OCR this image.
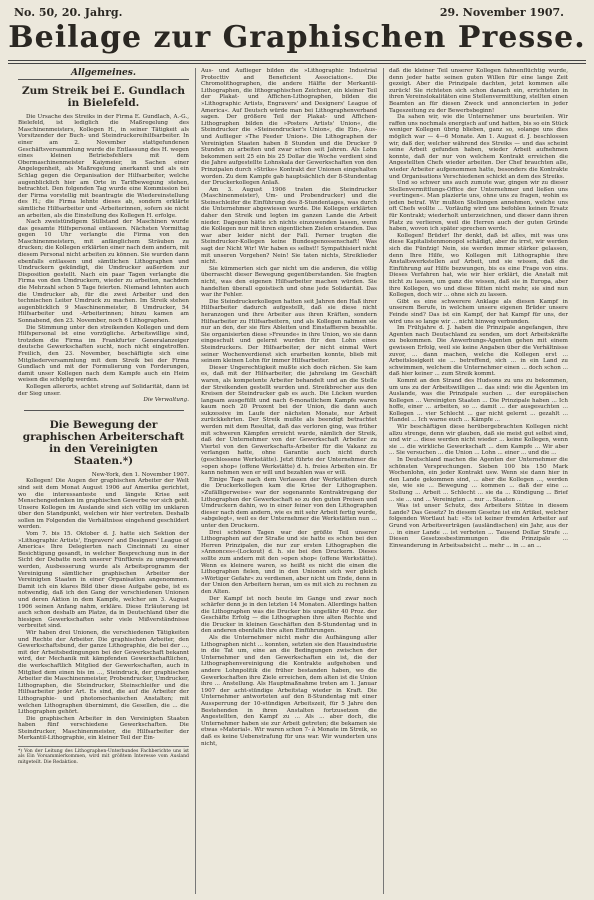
No. 50, 20. Jahrg.	29. November 1907.
Beilage zur Graphischen Presse.
Allgemeines.
Zum Streik bei E. Gundlach in Bielefeld.
Die Ursache des Streiks in der Firma E. Gundlach, A.-G., Bielefeld, ist lediglich die Maßregelung des Maschinenmeisters, Kollegen H., in seiner Tätigkeit als Vorsitzender der Buch- und Steindruckereihilfsarbeiter. In einer am 2. November stattgefundenen Geschäftsversammlung wurde die Entlassung des H. wegen eines kleinen Betriebsfehlers mit dem Obermaschinenmeister Kaiymeier, in Sachen einer Angelegenheit, als Maßregelung anerkannt und als ein Schlag gegen die Organisation der Hilfsarbeiter, welche augenblicklich hier am Orte in Tarifbewegung stehen, betrachtet. Den folgenden Tag wurde eine Kommission bei der Firma vorstellig mit beantragte die Wiedereinstellung des H.; die Firma lehnte dieses ab, sondern erklärte sämtliche Hilfsarbeiter und -Arbeiterinnen, sofern sie nicht an arbeiten, als die Einstellung des Kollegen H. erfolge.
Nach zweistündigem Stillstand der Maschinen wurde das gesamte Hilfspersonal entlassen. Nächsten Vormittag gegen 10 Uhr verlangte die Firma von den Maschinenmeistern, mit anfänglichem Sträuben zu drucken; die Kollegen erklärten einer nach dem andern, mit diesem Personal nicht arbeiten zu können. Sie wurden dann ebenfalls entlassen und sämtlichen Lithographen und Umdruckern gekündigt, die Umdrucker außerdem zur Disposition gestellt. Nach ein paar Tagen verlangte die Firma von den Umdruckern, wieder zu arbeiten, nachdem die Mehrzahl schon 5 Tage feierten. Niemand lehnten auch die Umdrucker ab, für die zwei Arbeiter und den technischen Leiter Umdruck zu machen. Im Streik stehen augenblicklich 9 Maschinenmeister, 8 Umdrucker, 54 Hilfsarbeiter und -Arbeiterinnen; hinzu kamen am Sonnabend, den 23. November, noch 6 Lithographen.
Die Stimmung unter den streikenden Kollegen und dem Hilfspersonal ist eine vorzügliche. Arbeitswillige sind, trotzdem die Firma im Frankfurter Generalanzeiger deutsche Gewerkschaften sucht, noch nicht eingetroffen. Freilich, den 23. November, beschäftigte sich eine Mitgliederversammlung mit dem Streik bei der Firma Gundlach und mit der Formulierung von Forderungen, damit unser Kollegen nach dem Kampfe auch ein Heim weisen die schöpfig werden.
Kollegen allerorts, achtet streng auf Solidarität, dann ist der Sieg unser.
Die Verwaltung.
Die Bewegung der graphischen Arbeiterschaft in den Vereinigten Staaten.*)
New-York, den 1. November 1907.
Kollegen! Die Augen der graphischen Arbeiter der Welt sind seit dem Monat August 1906 auf Amerika gerichtet, wo die interessanteste und längste Krise seit Menschengedenken im graphischen Gewerbe vor sich geht. Unsere Kollegen im Auslande sind sich völlig im unklaren über den Standpunkt, welchen wir hier vertreten. Deshalb sollen im Folgenden die Verhältnisse eingehend geschildert werden.
Vom 7. bis 15. Oktober d. J. hatte sich Sektion der »Lithographic Artists', Engravers' and Designers' League of America« Ihre Delegierten nach Cincinnati zu einer Besichtigung gesandt, in welcher Besprechung nun in der Sicht der Debatte noch unserer Fünftkreis zu umgewandt werden, Ausbesserung wurde als Arbeitsprogramm der Vereinigung sämtlicher graphischen Arbeiter der Vereinigten Staaten in einer Organisation angenommen. Damit ich ein klares Bild über diese Aufgabe gebe, ist es notwendig, daß ich den Gang der verschiedenen Unionen und deren Aktion in dem Kampfe, welcher am 3. August 1906 seinen Anfang nahm, erkläre. Diese Erläuterung ist auch schon deshalb am Platze, da in Deutschland über die hiesigen Gewerkschaften sehr viele Mißverständnisse verbreitet sind.
Wir haben drei Unionen, die verschiedenen Tätigkeiten und Rechte der Arbeiter. Die graphischen Arbeiter, den Gewerkschaftsbund, der ganze Lithographie, die bei der ..., mit der Arbeitsbedingungen bei der Gewerkschaft bekannt wird, der Mechanik mit kämpfenden Gewerkschaftlichen, die werkschaftlich Mitglied der Gewerkschaften, auch in Mitglied dem einen bis im ..., Steindruck, der graphischen Arbeiter die Maschinenmeister, Probendrucker, Umdrucker, Lithographen, die Steindrucker, Steinschleifer und die Hilfsarbeiter jeder Art. Es sind, die auf die Arbeiter der Lithographie- und photomechanischen Anstalten; mit welchen Lithographen übernimmt, die Gesellen, die ... die Lithographen gehört.
Die graphischen Arbeiter in den Vereinigten Staaten haben fünf verschiedene Gewerkschaften. Die Steindrucker, Maschinenmeister, die Hilfsarbeiter der Merkantil-Lithographie, ein kleiner Teil der Ein-
*) Von der Leitung des Lithographen-Unterbundes Fachberichte uns ist als Ein Vorsammlerkommen, wird mit größtem Interesse vom Ausland mitgeteilt. Die Redaktion.
Aus- und Auflieger bilden die »Lithographic Industrial Protecttiv and Beneficient Association«. Die Chromolithographen, die andere Hälfte der Merkantil-Lithographen, die lithographischen Zeichner, ein kleiner Teil der Plakat- und Affichen-Lithographen, bilden die »Lithographic Artists, Engravers' and Designers' League of America«. Auf Deutsch würde man bei Lithographenverband sagen. Der größere Teil der Plakat- und Affichen-Lithographen bilden die »Posters Artists' Union«, die Steindrucker die »Steinendrucker's Union«, die Ein-, Aus- und Auflieger »The Feeder Union«. Die Lithographen der Vereinigten Staaten haben 8 Stunden und die Drucker 9 Stunden zu arbeiten und zwar schon seit Jahren. Als Lohn bekommen seit 25 ein bis 25 Dollar die Woche verdient sind die Jahre aufgestellte Lohnskala der Gewerkschaften von den Prinzipalen durch »Strike« Kontrakt der Unionen eingehalten worden. Zu dem Kampfe gab hauptsächlich der 8-Stundentag der Druckerkollegen Anlaß.
Am 3. August 1906 traten die Steindrucker (Maschinenmeister), Um- und Probendrucker) und die Steinschleifer die Einführung des 8-Stundentages, was durch die Unternehmer abgewiesen wurde. Die Kollegen erklärten daher den Streik und legten im ganzen Lande die Arbeit nieder. Dagegen hätte ich nichts einzuwenden lassen, wenn die Kollegen nur mit ihren eigentlichen Zielen erstanden. Das war aber leider nicht der Fall. Ferner trugten die Steindrucker-Kollegen keine Bundesgenossenschaft! Was sagt der Nicht Wir! Wir haben es selbst!! Sympathisiert nicht mit unseren Vorgehen? Nein! Sie taten nichts, Streiklieder nicht.
Sie kümmerten sich gar nicht um die anderen, die völlig überrascht dieser Bewegung gegenüberstanden. Sie fragten nicht, was den eigenen Hilfsarbeiter machen würden. Sie handelten überall egoistisch und ohne jede Solidarität. Das war ihr Fehler.
Die Steindruckerkollegen hatten seit Jahren den Haß ihrer Hilfsarbeiter dadurch aufgestellt, daß sie diese nicht heranzogen und ihre Arbeiter aus ihren Kräften, sondern Hilfsarbeiter zu Hilfsarbeitern, und als Kollegen nahmen sie nur an den, der sie fürs Ableiten und Einstaffieren bezahlte. Sie organisierten diese »Freunde« in ihre Union, wo sie dann eingeschult und gelernt wurden für den Lohn eines Steindruckers. Der Hilfsarbeiter, der nicht einmal Wert seiner Wochenverdienst sich erarbeiten konnte, blieb mit seinem kleinen Lohn für immer Hilfsarbeiter.
Dieser Ungerechtigkeit mußte sich doch rächen. Sie kam es, daß mit der Hilfsarbeiter, die jahrelang im Geschäft waren, als kompetente Arbeiter behandelt und an die Stelle der Streikenden gestellt wurden und. Streikbrecher aus den Kreisen der Steindrucker gab es auch. Die Lücken wurden langsam ausgefüllt und nach 6-monatlichem Kampfe waren kaum noch 20 Prozent bei der Union, die dann auch sukzessive im Laufe der nächsten Monate, nur Arbeit zurückkehrten. Der Streik mußte als beendigt betrachtet werden mit dem Resultat, daß das verloren ging, was früher mit schweren Kämpfen erreicht wurde, nämlich der Streik, daß der Unternehmer von der Gewerkschaft Arbeiter zu Viertel von den Gewerkschafts-Arbeiter für die Vakanz zu verlangen hatte, ohne Garantie auch nicht durch (geschlossene Werkstätte). Jetzt führte der Unternehmer die »open shop« (offene Werkstätte) d. h. freies Arbeiten ein. Er kann nehmen wen er will und bezahlen was er will.
Einige Tage nach dem Verlassen der Werkstätten durch die Druckerkollegen kam die Krise der Lithographen. »Zufälligerweise« war der sogenannte Kontraktregang der Lithographen der Gewerkschaft so zu den guten Preisen und Umdruckern dahin, wo in einer feiner von den Lithographen dieser nach dem andern, wie es mit sehr Arbeit fertig wurde, »abgelegt«, weil es der Unternehmer die Werkstätten nun ... unter den Druckern.
Drei schönen Tagen war der größte Teil unserer Lithographen auf der Straße und sie hatte es schon bei den Herren Prinzipalen, die nur zur ersten Lithographen die »Annonces«-(Lockout) d. h. sie bei den Druckern. Dieses sollte zum andern mit den »open shop« (offene Werkstätte). Wenn es kleinere waren, so heißt es nicht die einen die Lithographen fielen, und in den Unionen sich wer gleich »Wörtiger Gefahr« zu verdienen, aber nicht um Ende, denn in der Union den Arbeitern heran, um es mit sich zu rechnen zu den Alten.
Der Kampf ist noch heute im Gange und zwar noch schärfer denn je in den letzten 14 Monaten. Allerdings hatten die Lithographen was die Drucker bis ungefähr 40 Proz. der Geschäfte Erfolg — die Lithographen ihre alten Rechte und die Drucker in kleinen Geschäften den 8-Stundentag und in den anderen ebenfalls ihre alten Einführungen.
Als die Unternehmer nicht mehr die Aufhängung aller Lithographen nicht ... konnten, setzten sie den Hausindustrie in die Tat um, eine an die Bedingungen zwischen der Unternehmer und den Gewerkschaften ein ist, die der Lithographenvereinigung die Kontrakte aufgehoben und andere Lohnpolitik die früher bestanden haben, wo die Gewerkschaften ihre Ziele erreichen, dem alten ist die Union ihre ... Anstellung. Als Hauptmaßnahme treten am 1. Januar 1907 der acht-stündige Arbeitstag wieder in Kraft. Die Unternehmer antworteten auf den 8-Stundentag mit einer Aussperrung der 10-stündigen Arbeitszeit, für 5 Jahre den Bestehenden in ihren Anstalten fortzusetzen die Angestellten, den Kampf zu ... Als ... aber doch, die Unternehmer haben sie zur Arbeit getreten; die bekamen sie etwas »Material«. Wir waren schon 7- à Monate im Streik, so daß es keine Uebenstrafung für uns war. Wir wunderten uns nicht,
daß die kleiner Teil unserer Kollegen fahnenflüchtig wurde, denn jeder hatte seinen guten Willen für eine lange Zeit gezeigt. Aber die Prinzipale dachten, jetzt kommen alle zurück! Sie richteten sich schon danach ein, errichteten in ihren Vereinslokalitäten eine Stellenvermittlung, stellten einen Beamten an für diesen Zweck und annoncierten in jeder Tageszeitung zu der Bewerbsbeginn!
Da sahen wir, wie die Unternehmer uns beurteilen. Wir raffen uns nochmals energisch auf und hatten, bis so ein Stück weniger Kollegen übrig blieben, ganz so, solange uns dies möglich war — 4—6 Monate. Am 1. August d. J. beschlossen wir, daß der, welcher während des Streiks — und das scheint seine Arbeit gefunden haben, wieder Arbeit aufnehmen konnte, daß der nur von welchem Kontrakt erreichen die Angestellten Chefs wieder arbeiten. Der Chef brauchten alle, wieder Arbeiter aufgenommen hatte, besonders die Kontrakte und Organisations Verschiedenen schickt an dem des Streiks.
Und so schwer uns auch zumute war, gingen wir zu dieser Stellenvermittlungs-Office der Unternehmer und ließen uns »vertingen«. Man plazierte uns, ohne uns zu fragen, wohin es jeden betraf. Wir mußten Stellungen annehmen, welche uns oft Chefs wollte ... Vorläufig wird uns befohlen keinen Ersatz für Kontrakt; wiederholt unterzeichnen, und dieser dann ihren Platz zu verlieren, weil die Herren auch der guten Gründe haben, wovon ich später sprechen werde.
Kollegen! Brüder! Ihr denkt, daß ist alles, mit was uns diese Kapitalistenmonopol schädigt, aber du irrst, wir werden sich die Fünfzig! Nein, sie werden immer stärker gelassen, denn Ihre Hilfe, wo Kollegen mit Lithographie ihre Anstaltswerkstellen auf Arbeit, und sie wissen, daß die Einführung auf Hilfe bezwungen, bis es eine Frage von eins. Dieses Verfahren hat, wie wir hier erklärt, die Anstalt mit nicht zu lassen, um ganz die wissen, daß sie in Europa, aber ihre Kollegen, wo und diese Bitten nicht mehr, sie sind nun Kollegen, doch wir ... ohne sich zu lassen.
Gibt es eine schwerere Anklage als diesen Kampf in unserem Berufe, in welchem unsere eigenen Brüder unsere Feinde sind? Das ist ein Kampf, der hat Kampf für uns, der wird uns so lange wir ... nicht hinweg verbunden.
Im Frühjahre d. J. haben die Prinzipale angefangen, ihre Agenten nach Deutschland zu senden, um dort Arbeitskräfte zu bekommen. Die Anwerbungs-Agenten gehen mit einem gewissen Erfolg, weil sie keine Angaben über die Verhältnisse zuvor, ... dann machen, welche die Kollegen erst ... Arbeitslosigkeit sie ... betreffend, sich ... in ein Land zu schwimmen, welchem die Unternehmer einen ... doch schon ... daß hier keiner ... zum Streik kommt.
Kommt an den Strand des Hudsons zu uns zu bekommen, um uns zu der Arbeitswilligen ... das sind: wie die Ägenten im Auslande, was die Prinzipale suchen ... der europäischen Kollegen ... Vereinigten Staaten ... Die Prinzipale haben ... Ich hoffe, einer ... arbeiten, so ... damit ... der ausgesuchten ... Kollegen ... vier Schlecht ... gar nicht gelernt ... gezahlt ... Handel ... Ich warne euch ... Kämpfe ...
Wir beschäftigen diese herübergebrachten Kollegen nicht allzu strenge, denn wir glauben, daß sie meist gut selbst sind, und wir ... diese werden nicht wieder ... keine Kollegen, wenn sie ... die wirkliche Gewerkschaft ... dem Kampfe ... Wir aber ... Sie versuchen ... die Union ... Lohn ... einer ... und die ...
In Deutschland machen die Agenten der Unternehmer die schönsten Versprechungen. Sieben 100 bis 150 Mark Wochenlohn, ein jeder Kontrakt usw. Wenn sie dann hier in den Lande gekommen sind, ... aber die Kollegen ..., werden sie, wie sie ... Bewegung ... kommen ... daß der eine ... Stellung ... Arbeit ... Schlecht ... sie da ... Kündigung ... Brief ... sie ... und ... Vereinigten ... nur ... Staaten ...
Was ist unser Schutz, des Arbeiters Stütze in diesem Lande? Das Gesetz? In diesem Gesetze ist ein Artikel, welcher folgenden Wortlaut hat: »Es ist keiner fremden Arbeiter auf Grund von Arbeitsverträgen (ausländischen) ein Jahr, aus der ... in einer Lande ... ist verboten ... Tausend Dollar Strafe ... Diesen Gesetzesbestimmungen die Prinzipale ... Einwanderung in Arbeitsabsicht ... mehr ... in ... an ...
